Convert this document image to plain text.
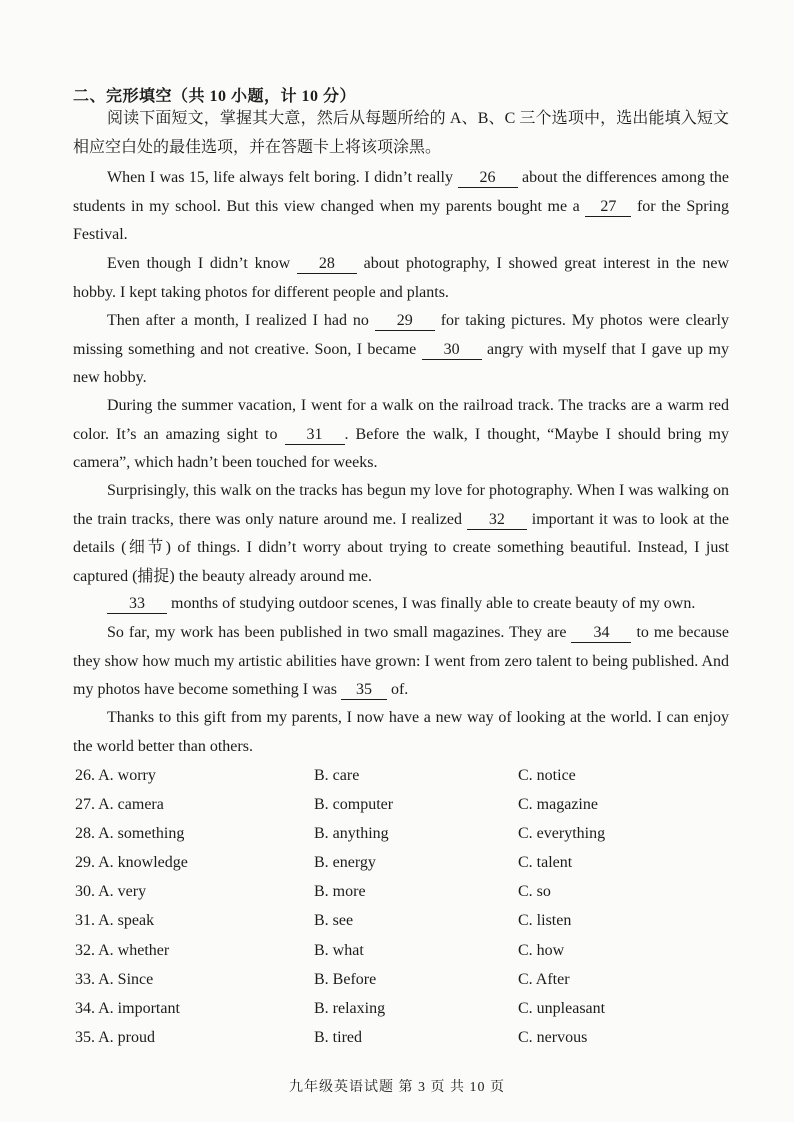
二、完形填空（共 10 小题，计 10 分）

阅读下面短文，掌握其大意，然后从每题所给的 A、B、C 三个选项中，选出能填入短文相应空白处的最佳选项，并在答题卡上将该项涂黑。

When I was 15, life always felt boring. I didn’t really 26 about the differences among the students in my school. But this view changed when my parents bought me a 27 for the Spring Festival.

Even though I didn’t know 28 about photography, I showed great interest in the new hobby. I kept taking photos for different people and plants.

Then after a month, I realized I had no 29 for taking pictures. My photos were clearly missing something and not creative. Soon, I became 30 angry with myself that I gave up my new hobby.

During the summer vacation, I went for a walk on the railroad track. The tracks are a warm red color. It’s an amazing sight to 31 . Before the walk, I thought, “Maybe I should bring my camera”, which hadn’t been touched for weeks.

Surprisingly, this walk on the tracks has begun my love for photography. When I was walking on the train tracks, there was only nature around me. I realized 32 important it was to look at the details (细节) of things. I didn’t worry about trying to create something beautiful. Instead, I just captured (捕捉) the beauty already around me.

33 months of studying outdoor scenes, I was finally able to create beauty of my own.

So far, my work has been published in two small magazines. They are 34 to me because they show how much my artistic abilities have grown: I went from zero talent to being published. And my photos have become something I was 35 of.

Thanks to this gift from my parents, I now have a new way of looking at the world. I can enjoy the world better than others.

26. A. worry	B. care	C. notice
27. A. camera	B. computer	C. magazine
28. A. something	B. anything	C. everything
29. A. knowledge	B. energy	C. talent
30. A. very	B. more	C. so
31. A. speak	B. see	C. listen
32. A. whether	B. what	C. how
33. A. Since	B. Before	C. After
34. A. important	B. relaxing	C. unpleasant
35. A. proud	B. tired	C. nervous
九年级英语试题 第 3 页 共 10 页
